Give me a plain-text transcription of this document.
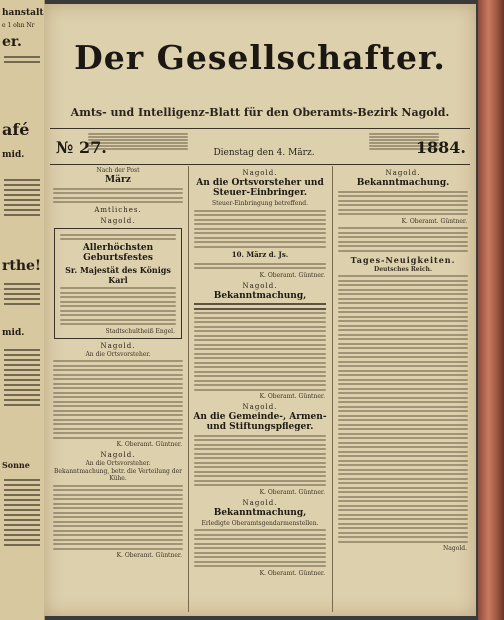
hanstalt
e 1 ohn Nr
er.
afé
mid.
rthe!
mid.
Sonne
Der Gesellschafter.
Amts- und Intelligenz-Blatt für den Oberamts-Bezirk Nagold.
№ 27.	Dienstag den 4. März.	1884.
Nach der Post
März
Amtliches.
Nagold.
Allerhöchsten Geburtsfestes
Sr. Majestät des Königs Karl
Stadtschultheiß Engel.
Nagold.
An die Ortsvorsteher.
K. Oberamt. Güntner.
Nagold.
An die Ortsvorsteher.
Bekanntmachung, betr. die Verteilung der Kühe.
K. Oberamt. Güntner.
Nagold.
An die Ortsvorsteher und Steuer-Einbringer.
Steuer-Einbringung betreffend.
10. März d. Js.
K. Oberamt. Güntner.
Nagold.
Bekanntmachung,
K. Oberamt. Güntner.
Nagold.
An die Gemeinde-, Armen- und Stiftungspfleger.
K. Oberamt. Güntner.
Nagold.
Bekanntmachung,
Erledigte Oberamtsgendarmenstellen.
K. Oberamt. Güntner.
Nagold.
Bekanntmachung.
K. Oberamt. Güntner.
Tages-Neuigkeiten.
Deutsches Reich.
Nagold.
